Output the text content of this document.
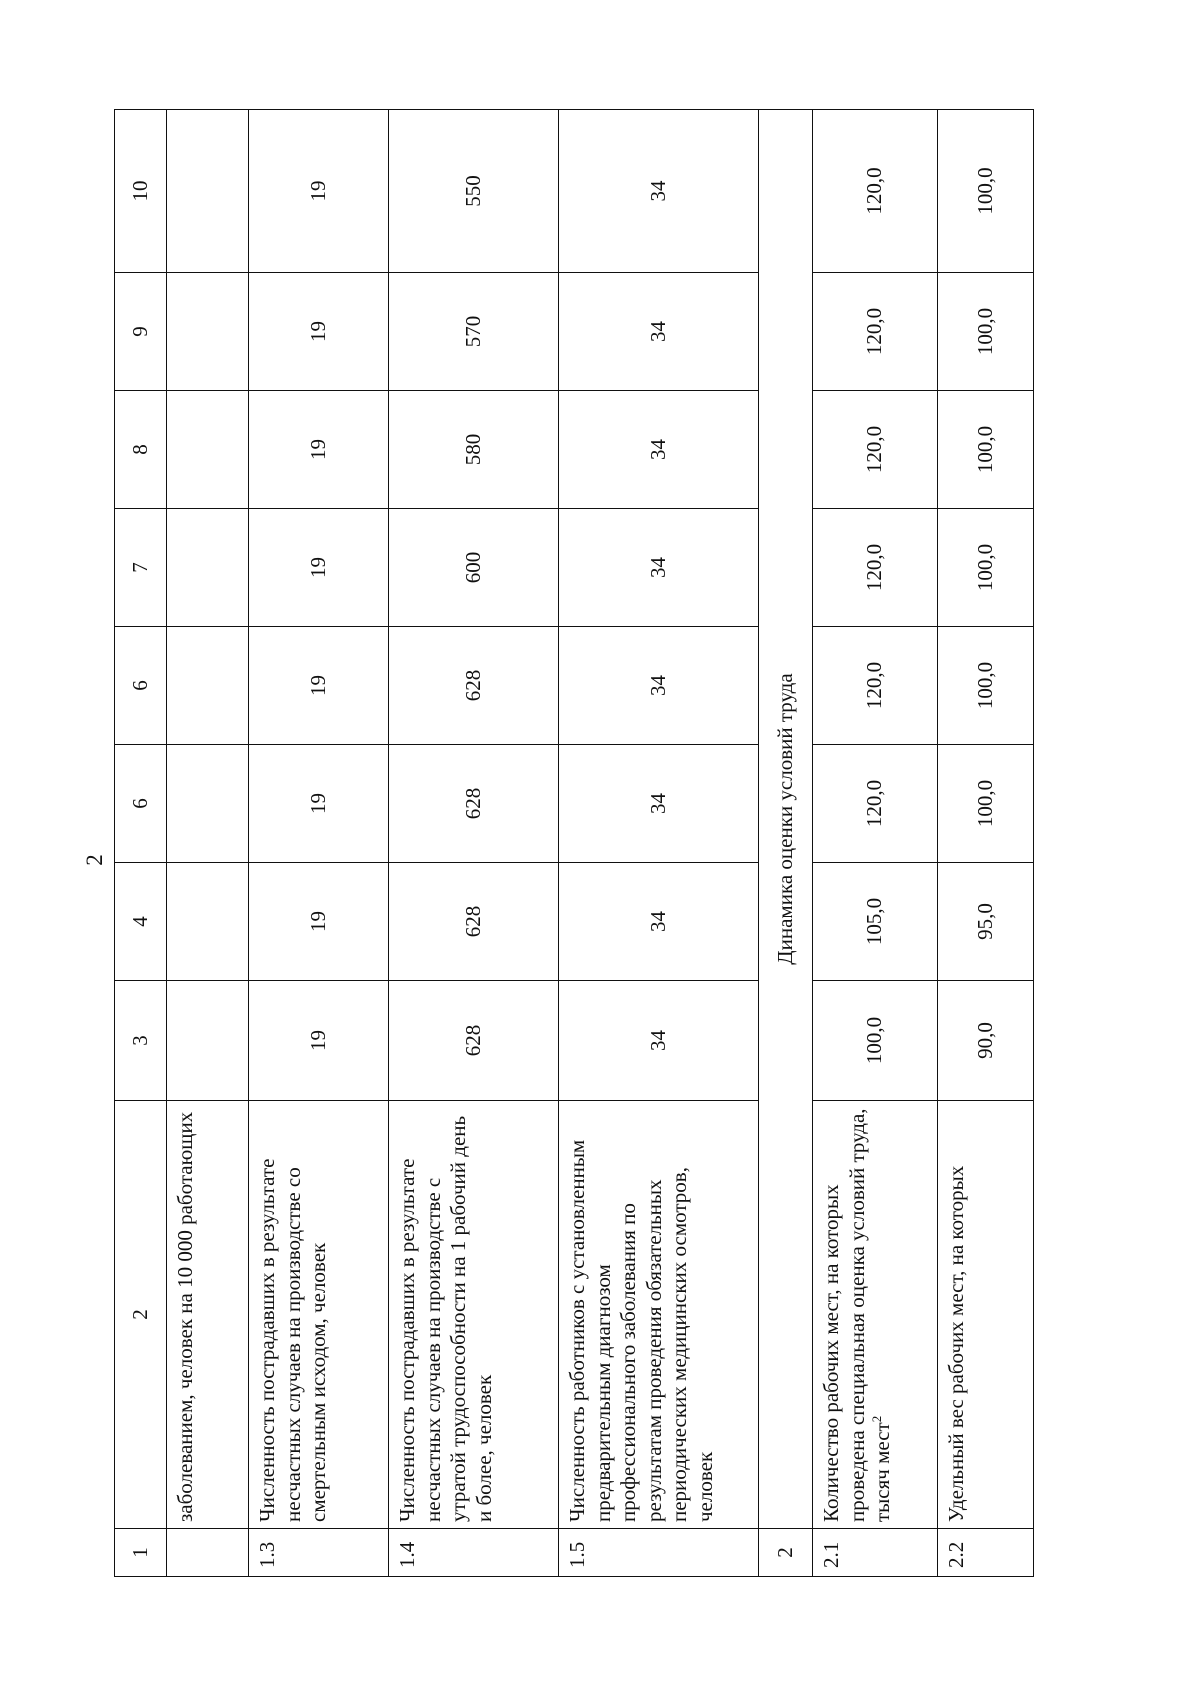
2
1	2	3	4	6	6	7	8	9	10
	заболеванием, человек на 10 000 работающих								
1.3	Численность пострадавших в результате несчастных случаев на производстве со смертельным исходом, человек	19	19	19	19	19	19	19	19
1.4	Численность пострадавших в результате несчастных случаев на производстве с утратой трудоспособности на 1 рабочий день и более, человек	628	628	628	628	600	580	570	550
1.5	Численность работников с установленным предварительным диагнозом профессионального заболевания по результатам проведения обязательных периодических медицинских осмотров, человек	34	34	34	34	34	34	34	34
2	Динамика оценки условий труда								
2.1	Количество рабочих мест, на которых проведена специальная оценка условий труда, тысяч мест$^2$	100,0	105,0	120,0	120,0	120,0	120,0	120,0	120,0
2.2	Удельный вес рабочих мест, на которых	90,0	95,0	100,0	100,0	100,0	100,0	100,0	100,0
